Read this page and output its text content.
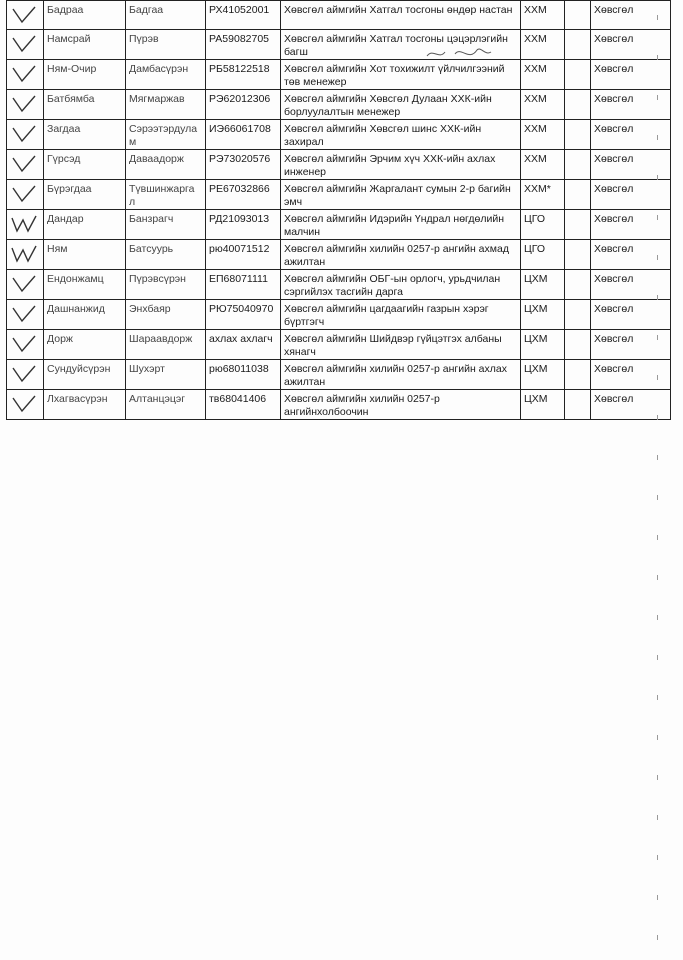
	Бадраа	Бадгаа	РХ41052001	Хөвсгөл аймгийн Хатгал тосгоны өндөр настан	ХХМ		Хөвсгөл

	Намсрай	Пүрэв	РА59082705	Хөвсгөл аймгийн Хатгал тосгоны цэцэрлэгийн багш	ХХМ		Хөвсгөл

	Ням-Очир	Дамбасүрэн	РБ58122518	Хөвсгөл аймгийн Хот тохижилт үйлчилгээний төв менежер	ХХМ		Хөвсгөл

	Батбямба	Мягмаржав	РЭ62012306	Хөвсгөл аймгийн Хөвсгөл Дулаан ХХК-ийн борлуулалтын менежер	ХХМ		Хөвсгөл

	Загдаа	Сэрээтэрдула м	ИЭ66061708	Хөвсгөл аймгийн Хөвсгөл шинс ХХК-ийн захирал	ХХМ		Хөвсгөл

	Гүрсэд	Даваадорж	РЭ73020576	Хөвсгөл аймгийн Эрчим хүч ХХК-ийн ахлах инженер	ХХМ		Хөвсгөл

	Бүрэгдаа	Түвшинжарга л	РЕ67032866	Хөвсгөл аймгийн Жаргалант сумын 2-р багийн эмч	ХХМ*		Хөвсгөл

	Дандар	Банзрагч	РД21093013	Хөвсгөл аймгийн Идэрийн Үндрал нөгдөлийн малчин	ЦГО		Хөвсгөл

	Ням	Батсуурь	рю40071512	Хөвсгөл аймгийн хилийн 0257-р ангийн ахмад ажилтан	ЦГО		Хөвсгөл

	Ендонжамц	Пүрэвсүрэн	ЕП68071111	Хөвсгөл аймгийн ОБГ-ын орлогч, урьдчилан сэргийлэх тасгийн дарга	ЦХМ		Хөвсгөл

	Дашнанжид	Энхбаяр	РЮ75040970	Хөвсгөл аймгийн цагдаагийн газрын хэрэг бүртгэгч	ЦХМ		Хөвсгөл

	Дорж	Шараавдорж	ахлах ахлагч	Хөвсгөл аймгийн Шийдвэр гүйцэтгэх албаны хянагч	ЦХМ		Хөвсгөл

	Сундуйсүрэн	Шухэрт	рю68011038	Хөвсгөл аймгийн хилийн 0257-р ангийн ахлах ажилтан	ЦХМ		Хөвсгөл

	Лхагвасүрэн	Алтанцэцэг	тв68041406	Хөвсгөл аймгийн хилийн 0257-р ангийнхолбоочин	ЦХМ		Хөвсгөл
